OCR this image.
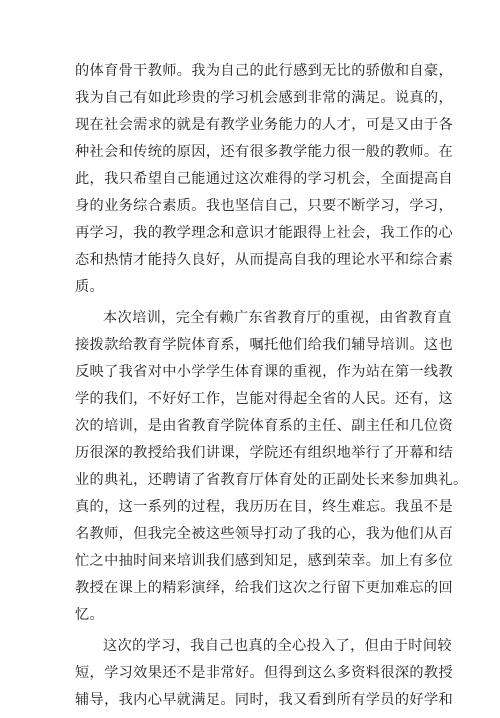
的体育骨干教师。我为自己的此行感到无比的骄傲和自豪，
我为自己有如此珍贵的学习机会感到非常的满足。说真的，
现在社会需求的就是有教学业务能力的人才，可是又由于各
种社会和传统的原因，还有很多教学能力很一般的教师。在
此，我只希望自己能通过这次难得的学习机会，全面提高自
身的业务综合素质。我也坚信自己，只要不断学习，学习，
再学习，我的教学理念和意识才能跟得上社会，我工作的心
态和热情才能持久良好，从而提高自我的理论水平和综合素
质。
本次培训，完全有赖广东省教育厅的重视，由省教育直
接拨款给教育学院体育系，嘱托他们给我们辅导培训。这也
反映了我省对中小学学生体育课的重视，作为站在第一线教
学的我们，不好好工作，岂能对得起全省的人民。还有，这
次的培训，是由省教育学院体育系的主任、副主任和几位资
历很深的教授给我们讲课，学院还有组织地举行了开幕和结
业的典礼，还聘请了省教育厅体育处的正副处长来参加典礼。
真的，这一系列的过程，我历历在目，终生难忘。我虽不是
名教师，但我完全被这些领导打动了我的心，我为他们从百
忙之中抽时间来培训我们感到知足，感到荣幸。加上有多位
教授在课上的精彩演绎，给我们这次之行留下更加难忘的回
忆。
这次的学习，我自己也真的全心投入了，但由于时间较
短，学习效果还不是非常好。但得到这么多资料很深的教授
辅导，我内心早就满足。同时，我又看到所有学员的好学和
